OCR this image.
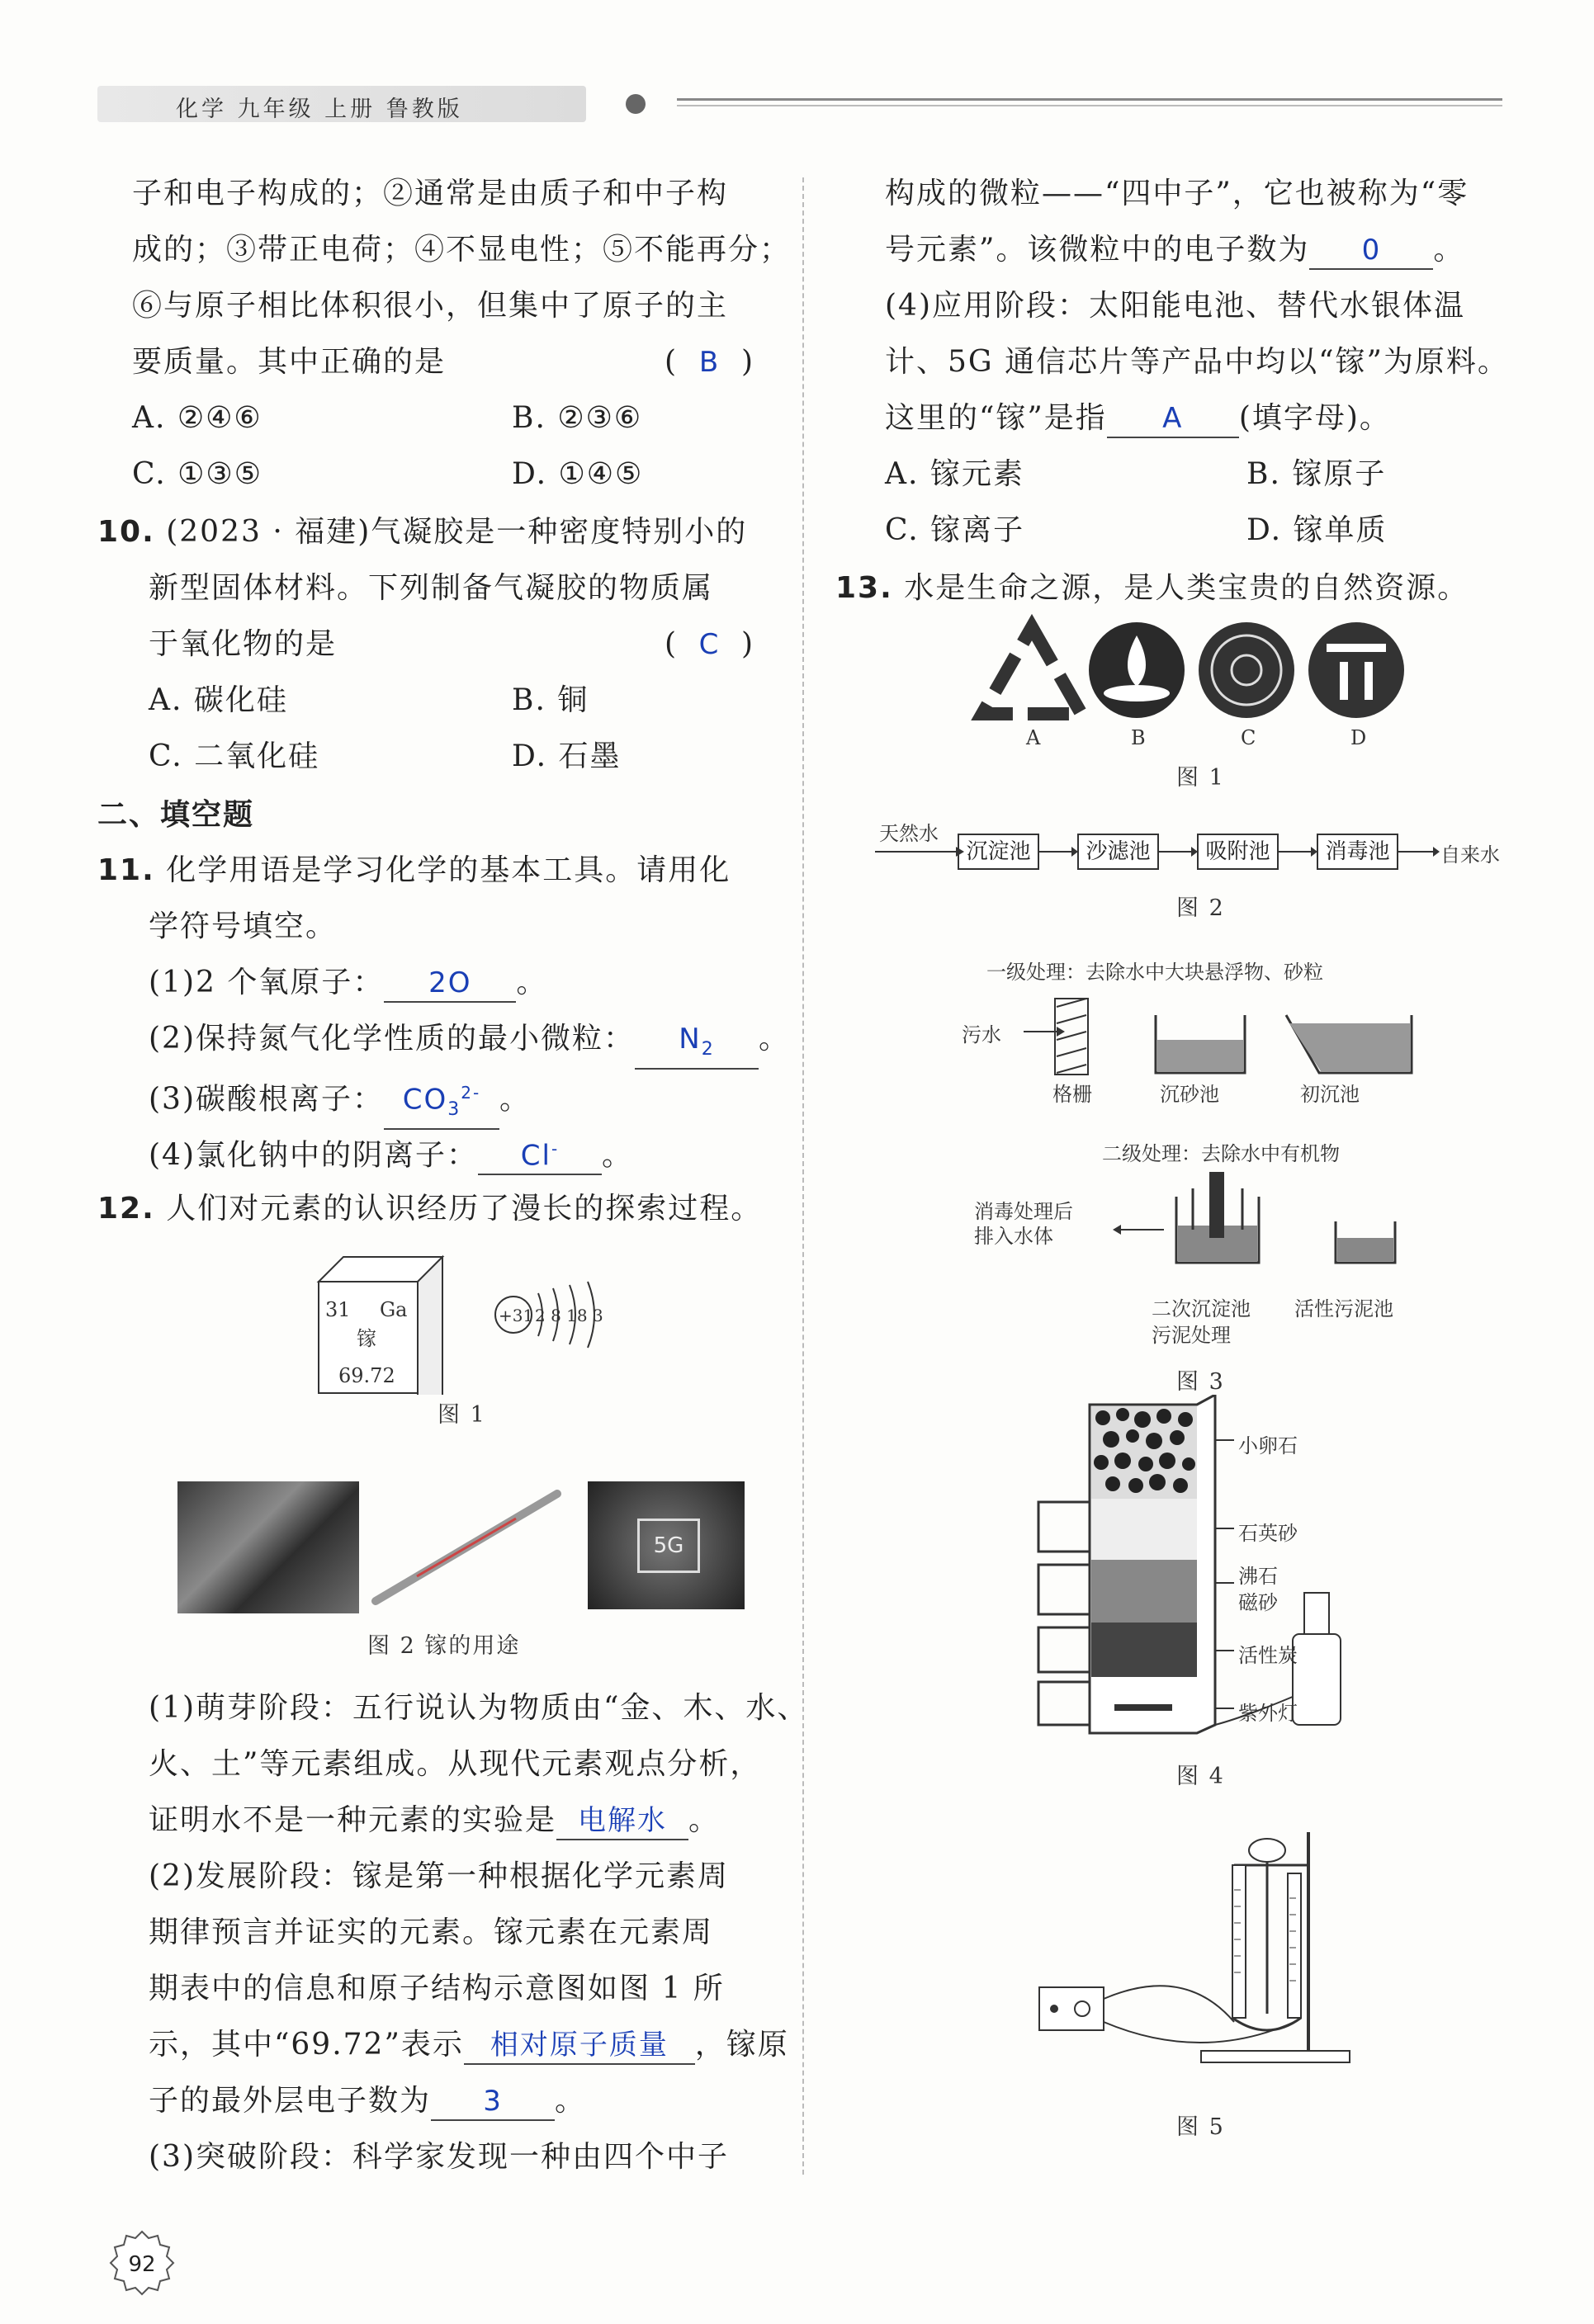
化学 九年级 上册 鲁教版
子和电子构成的；②通常是由质子和中子构
成的；③带正电荷；④不显电性；⑤不能再分；
⑥与原子相比体积很小，但集中了原子的主
要质量。其中正确的是	( B )
A. ②④⑥	B. ②③⑥
C. ①③⑤	D. ①④⑤
10. (2023 · 福建)气凝胶是一种密度特别小的
新型固体材料。下列制备气凝胶的物质属
于氧化物的是	( C )
A. 碳化硅	B. 铜
C. 二氧化硅	D. 石墨
二、填空题
11. 化学用语是学习化学的基本工具。请用化
学符号填空。
(1)2 个氧原子： 2O 。
(2)保持氮气化学性质的最小微粒： $N_2$ 。
(3)碳酸根离子： $CO_3^{2-}$ 。
(4)氯化钠中的阴离子： Cl- 。
12. 人们对元素的认识经历了漫长的探索过程。
31 Ga
镓
69.72
+31 2 8 18 3
图 1
5G
图 2 镓的用途
(1)萌芽阶段：五行说认为物质由“金、木、水、
火、土”等元素组成。从现代元素观点分析，
证明水不是一种元素的实验是 电解水 。
(2)发展阶段：镓是第一种根据化学元素周
期律预言并证实的元素。镓元素在元素周
期表中的信息和原子结构示意图如图 1 所
示，其中“69.72”表示 相对原子质量 ，镓原
子的最外层电子数为 3 。
(3)突破阶段：科学家发现一种由四个中子
92
构成的微粒——“四中子”，它也被称为“零
号元素”。该微粒中的电子数为 0 。
(4)应用阶段：太阳能电池、替代水银体温
计、5G 通信芯片等产品中均以“镓”为原料。
这里的“镓”是指 A (填字母)。
A. 镓元素	B. 镓原子
C. 镓离子	D. 镓单质
13. 水是生命之源，是人类宝贵的自然资源。
A	B	C	D
图 1
天然水
沉淀池	沙滤池	吸附池	消毒池	自来水
图 2
一级处理：去除水中大块悬浮物、砂粒
污水
格栅	沉砂池	初沉池
二级处理：去除水中有机物
消毒处理后
排入水体
二次沉淀池
污泥处理
活性污泥池
图 3
小卵石
石英砂
沸石
磁砂
活性炭
紫外灯
图 4
图 5
